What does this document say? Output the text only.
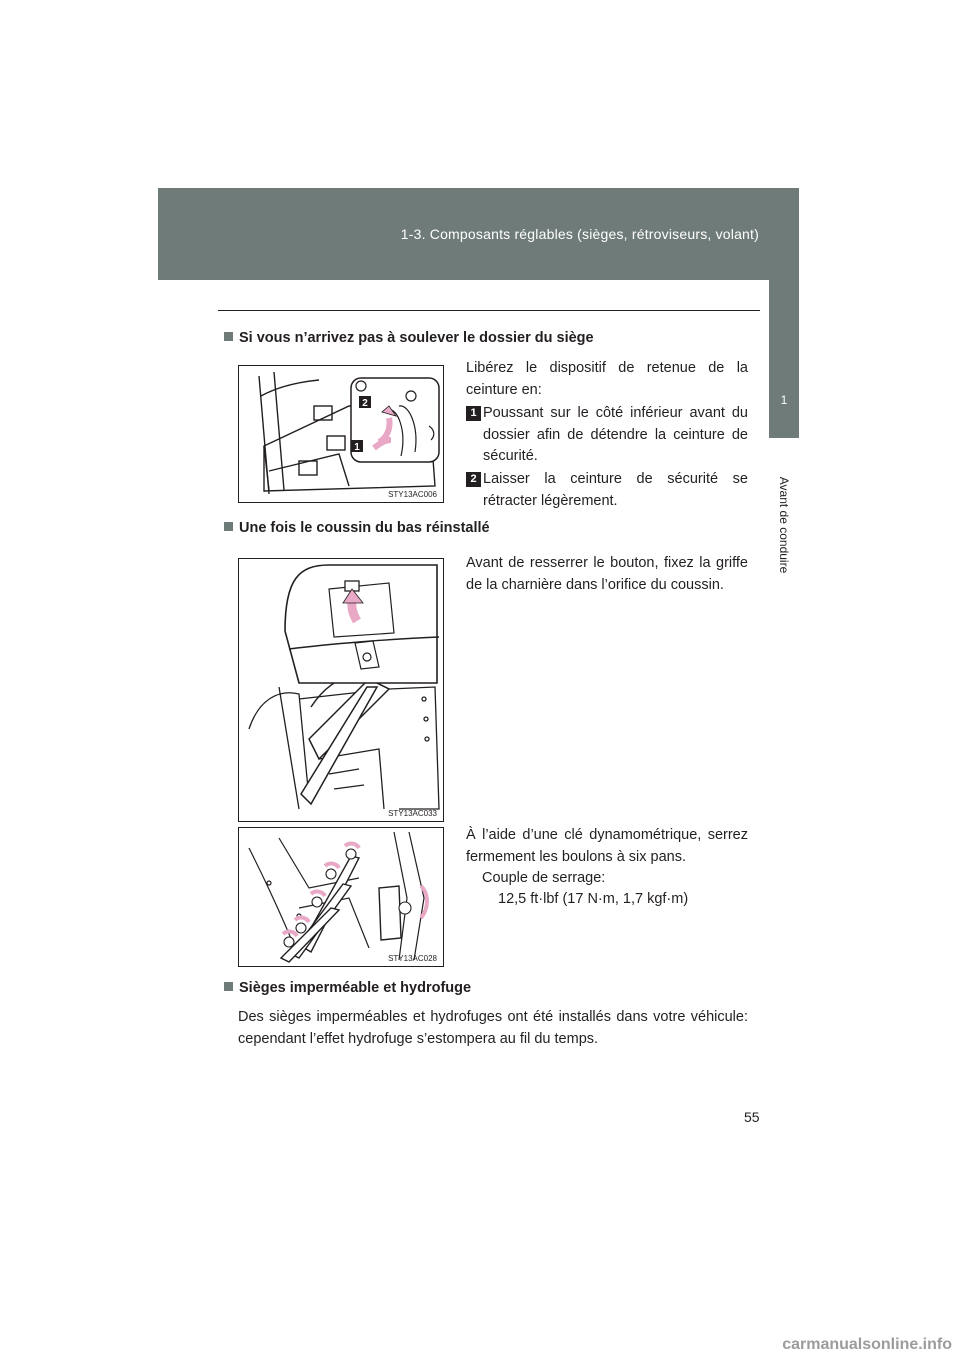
1-3. Composants réglables (sièges, rétroviseurs, volant)
1
Avant de conduire
Si vous n’arrivez pas à soulever le dossier du siège
2
1
STY13AC006
Libérez le dispositif de retenue de la ceinture en:
1 Poussant sur le côté inférieur avant du dossier afin de détendre la ceinture de sécurité.
2 Laisser la ceinture de sécurité se rétracter légèrement.
Une fois le coussin du bas réinstallé
STY13AC033
Avant de resserrer le bouton, fixez la griffe de la charnière dans l’orifice du coussin.
STY13AC028
À l’aide d’une clé dynamométrique, serrez fermement les boulons à six pans.
Couple de serrage:
12,5 ft·lbf (17 N·m, 1,7 kgf·m)
Sièges imperméable et hydrofuge
Des sièges imperméables et hydrofuges ont été installés dans votre véhicule: cependant l’effet hydrofuge s’estompera au fil du temps.
55
carmanualsonline.info
